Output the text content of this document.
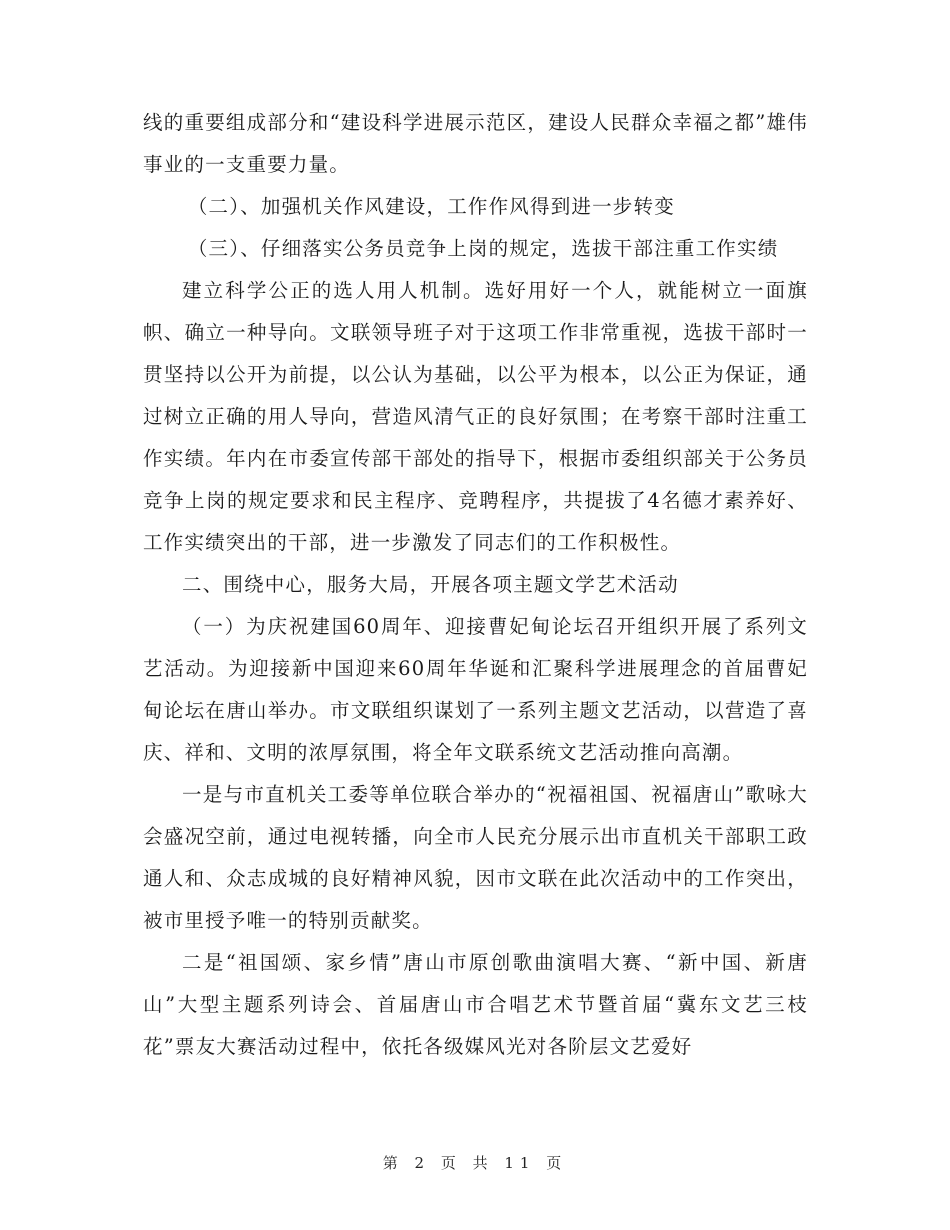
线的重要组成部分和“建设科学进展示范区，建设人民群众幸福之都”雄伟事业的一支重要力量。

（二）、加强机关作风建设，工作作风得到进一步转变

（三）、仔细落实公务员竞争上岗的规定，选拔干部注重工作实绩

建立科学公正的选人用人机制。选好用好一个人，就能树立一面旗帜、确立一种导向。文联领导班子对于这项工作非常重视，选拔干部时一贯坚持以公开为前提，以公认为基础，以公平为根本，以公正为保证，通过树立正确的用人导向，营造风清气正的良好氛围；在考察干部时注重工作实绩。年内在市委宣传部干部处的指导下，根据市委组织部关于公务员竞争上岗的规定要求和民主程序、竞聘程序，共提拔了4名德才素养好、工作实绩突出的干部，进一步激发了同志们的工作积极性。

二、围绕中心，服务大局，开展各项主题文学艺术活动

（一）为庆祝建国60周年、迎接曹妃甸论坛召开组织开展了系列文艺活动。为迎接新中国迎来60周年华诞和汇聚科学进展理念的首届曹妃甸论坛在唐山举办。市文联组织谋划了一系列主题文艺活动，以营造了喜庆、祥和、文明的浓厚氛围，将全年文联系统文艺活动推向高潮。

一是与市直机关工委等单位联合举办的“祝福祖国、祝福唐山”歌咏大会盛况空前，通过电视转播，向全市人民充分展示出市直机关干部职工政通人和、众志成城的良好精神风貌，因市文联在此次活动中的工作突出，被市里授予唯一的特别贡献奖。

二是“祖国颂、家乡情”唐山市原创歌曲演唱大赛、“新中国、新唐山”大型主题系列诗会、首届唐山市合唱艺术节暨首届“冀东文艺三枝花”票友大赛活动过程中，依托各级媒风光对各阶层文艺爱好

第 2 页 共 11 页
